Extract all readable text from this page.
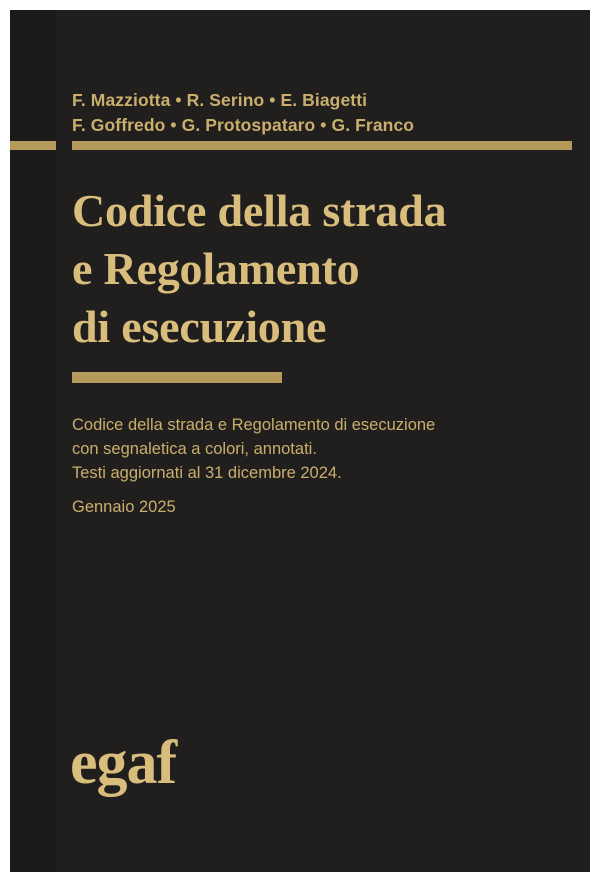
F. Mazziotta • R. Serino • E. Biagetti
F. Goffredo • G. Protospataro • G. Franco
Codice della strada
e Regolamento
di esecuzione
Codice della strada e Regolamento di esecuzione
con segnaletica a colori, annotati.
Testi aggiornati al 31 dicembre 2024.
Gennaio 2025
egaf
